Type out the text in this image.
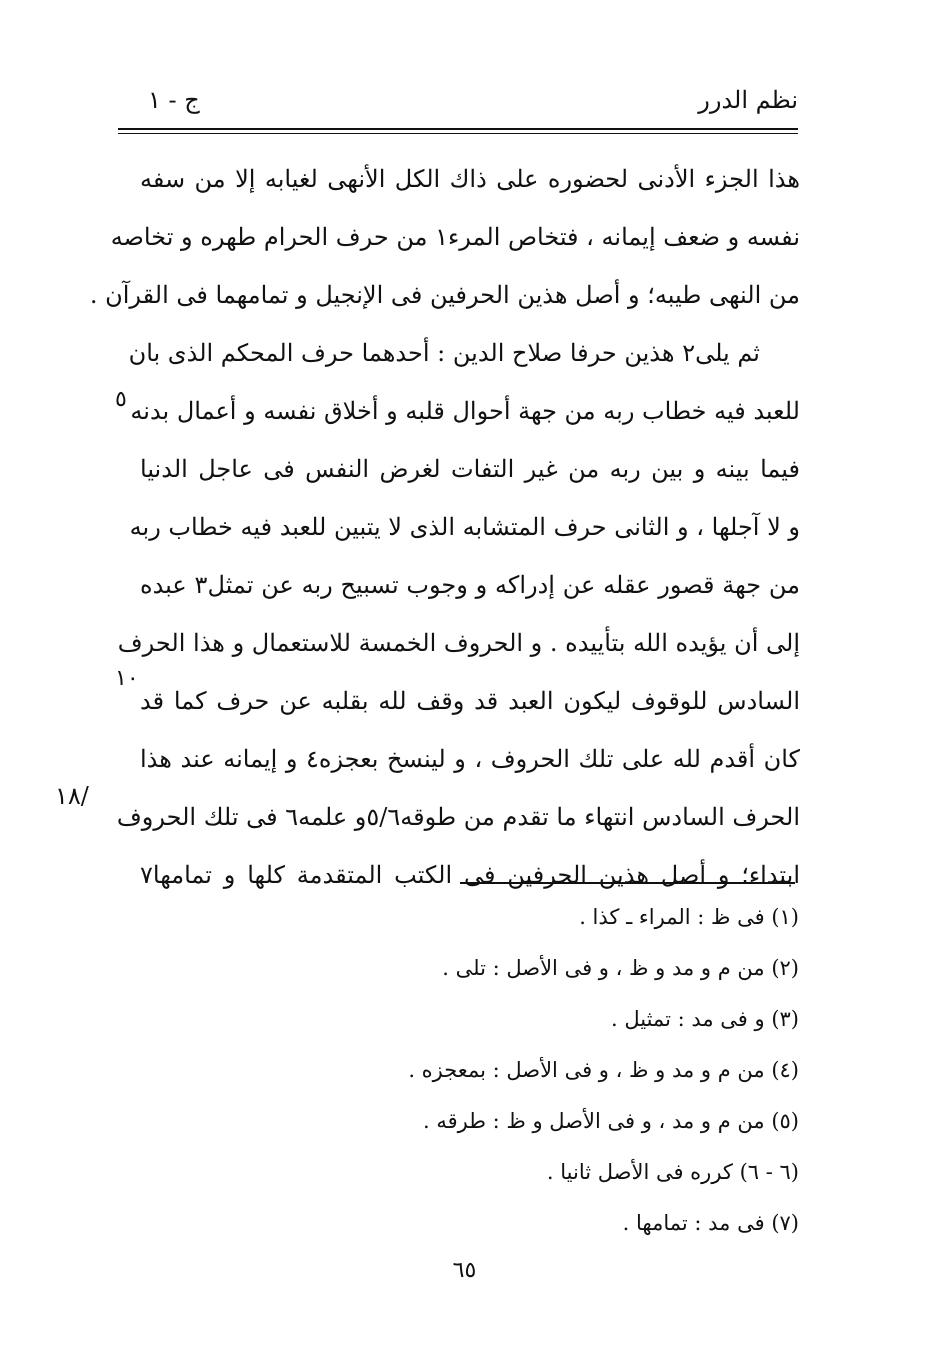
نظم الدرر
ج - ١
هذا الجزء الأدنى لحضوره على ذاك الكل الأنهى لغيابه إلا من سفه
نفسه و ضعف إيمانه ، فتخاص المرء١ من حرف الحرام طهره و تخاصه
من النهى طيبه؛ و أصل هذين الحرفين فى الإنجيل و تمامهما فى القرآن .
ثم يلى٢ هذين حرفا صلاح الدين : أحدهما حرف المحكم الذى بان
للعبد فيه خطاب ربه من جهة أحوال قلبه و أخلاق نفسه و أعمال بدنه
فيما بينه و بين ربه من غير التفات لغرض النفس فى عاجل الدنيا
و لا آجلها ، و الثانى حرف المتشابه الذى لا يتبين للعبد فيه خطاب ربه
من جهة قصور عقله عن إدراكه و وجوب تسبيح ربه عن تمثل٣ عبده
إلى أن يؤيده الله بتأييده . و الحروف الخمسة للاستعمال و هذا الحرف
السادس للوقوف ليكون العبد قد وقف لله بقلبه عن حرف كما قد
كان أقدم لله على تلك الحروف ، و لينسخ بعجزه٤ و إيمانه عند هذا
الحرف السادس انتهاء ما تقدم من طوقه٥/٦و علمه٦ فى تلك الحروف
ابتداء؛ و أصل هذين الحرفين فى الكتب المتقدمة كلها و تمامها٧
٥
١٠
١٨/
(١) فى ظ : المراء ـ كذا .
(٢) من م و مد و ظ ، و فى الأصل : تلى .
(٣) و فى مد : تمثيل .
(٤) من م و مد و ظ ، و فى الأصل : بمعجزه .
(٥) من م و مد ، و فى الأصل و ظ : طرقه .
(٦ - ٦) كرره فى الأصل ثانيا .
(٧) فى مد : تمامها .
٦٥
